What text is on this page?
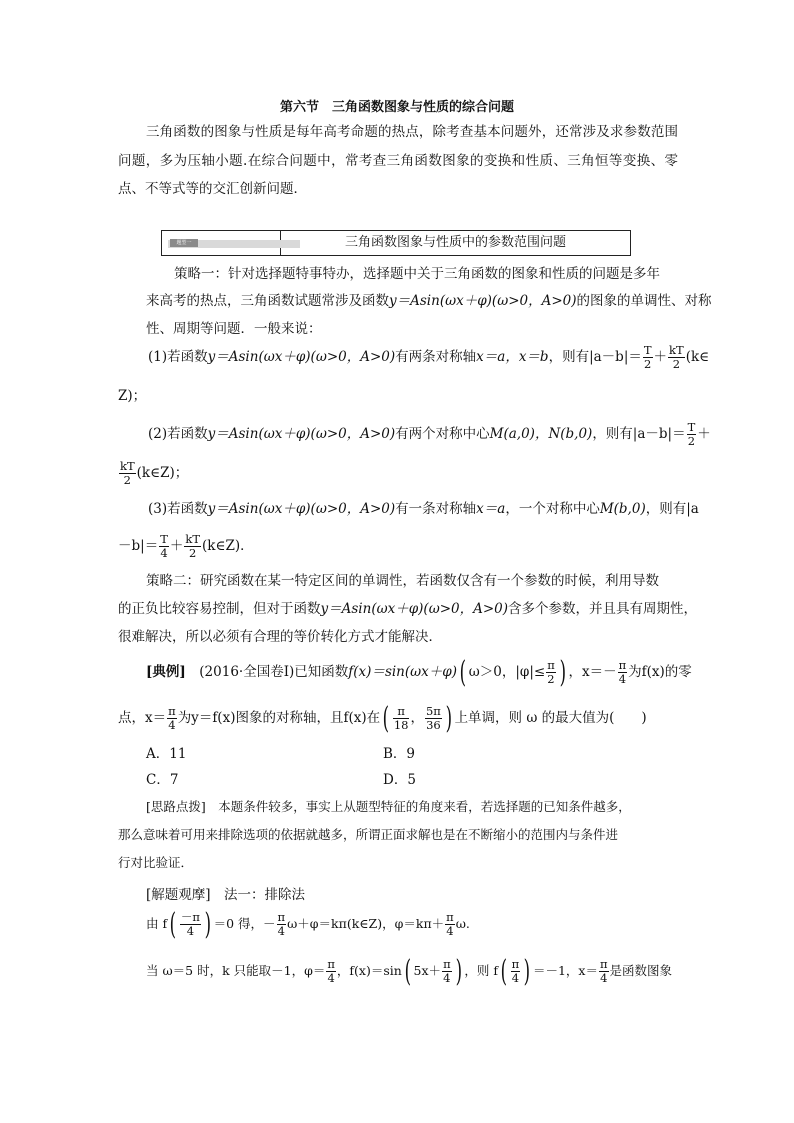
第六节　三角函数图象与性质的综合问题
三角函数的图象与性质是每年高考命题的热点，除考查基本问题外，还常涉及求参数范围问题，多为压轴小题.在综合问题中，常考查三角函数图象的变换和性质、三角恒等变换、零点、不等式等的交汇创新问题．
题型一	三角函数图象与性质中的参数范围问题
策略一：针对选择题特事特办，选择题中关于三角函数的图象和性质的问题是多年
来高考的热点，三角函数试题常涉及函数y＝Asin(ωx＋φ)(ω>0，A>0)的图象的单调性、对称
性、周期等问题．一般来说：
(1)若函数y＝Asin(ωx＋φ)(ω>0，A>0)有两条对称轴x＝a，x＝b，则有$|a-b|= \frac{T}{2} + \frac{kT}{2}$ (k∈
Z)；
(2)若函数y＝Asin(ωx＋φ)(ω>0，A>0)有两个对称中心M(a,0)，N(b,0)，则有$|a-b|= \frac{T}{2}$ ＋
$\frac{kT}{2}$ (k∈Z)；
(3)若函数y＝Asin(ωx＋φ)(ω>0，A>0)有一条对称轴x＝a，一个对称中心M(b,0)，则有|a
$-b|= \frac{T}{4} + \frac{kT}{2}$ (k∈Z)．
策略二：研究函数在某一特定区间的单调性，若函数仅含有一个参数的时候，利用导数
的正负比较容易控制，但对于函数y＝Asin(ωx＋φ)(ω>0，A>0)含多个参数，并且具有周期性，
很难解决，所以必须有合理的等价转化方式才能解决．
[典例]  (2016·全国卷Ⅰ)已知函数f(x)＝sin(ωx＋φ)( ω＞0，$|\varphi|\le \frac{\pi}{2}$ ) ，$x=- \frac{\pi}{4}$ 为f(x)的零
点，$x= \frac{\pi}{4}$ 为y＝f(x)图象的对称轴，且f(x)在( $\frac{\pi}{18}$ ， $\frac{5\pi}{36}$ ) 上单调，则 ω 的最大值为(　　)
A．11	B．9
C．7	D．5
[思路点拨]　本题条件较多，事实上从题型特征的角度来看，若选择题的已知条件越多，
那么意味着可用来排除选项的依据就越多，所谓正面求解也是在不断缩小的范围内与条件进
行对比验证．
[解题观摩]　法一：排除法
由 $f( \frac{-\pi}{4}$ ) ＝0 得，－ $\frac{\pi}{4}$ ω＋φ＝kπ(k∈Z)，$\varphi=k\pi+ \frac{\pi}{4} \omega$.
当 ω＝5 时，k 只能取－1，$\varphi= \frac{\pi}{4}$ ，f(x)＝sin( $5x+ \frac{\pi}{4}$ ) ，则 $f( \frac{\pi}{4}$ ) ＝－1，$x= \frac{\pi}{4}$ 是函数图象
